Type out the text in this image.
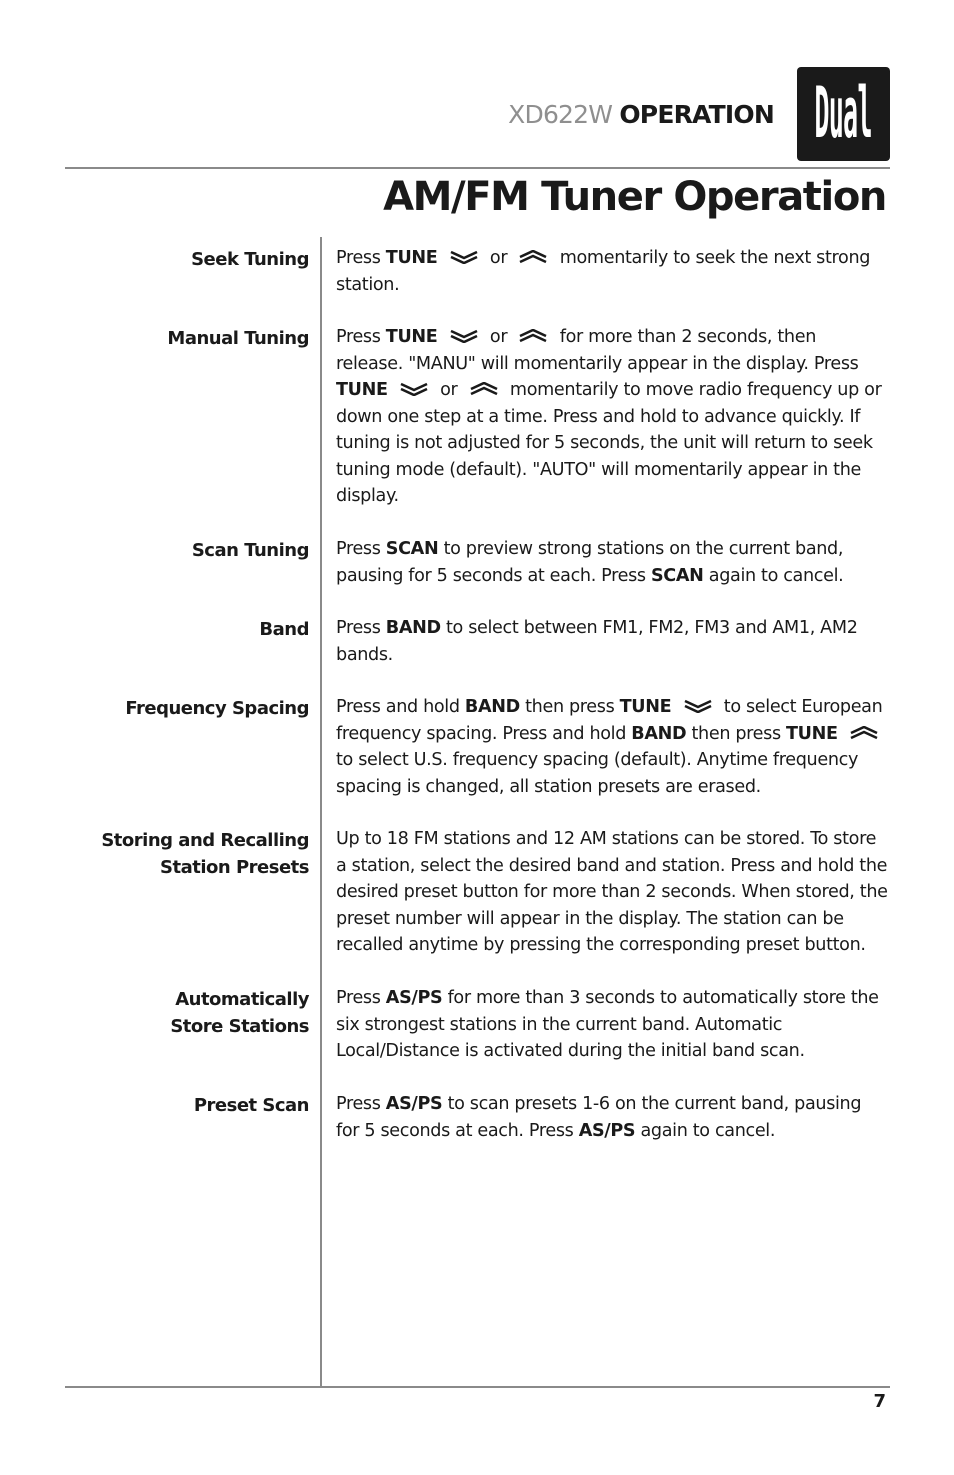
XD622W OPERATION Dual
AM/FM Tuner Operation
Seek Tuning Press TUNE	or
momentarily to seek the next strong station.
Manual Tuning Press TUNE	or
for more than 2 seconds, then release. "MANU" will momentarily appear in the display. Press TUNE	or
momentarily to move radio frequency up or down one step at a time. Press and hold to advance quickly. If tuning is not adjusted for 5 seconds, the unit will return to seek tuning mode (default). "AUTO" will momentarily appear in the display.
Scan Tuning Press SCAN to preview strong stations on the current band, pausing for 5 seconds at each. Press SCAN again to cancel.
Band Press BAND to select between FM1, FM2, FM3 and AM1, AM2 bands.
Frequency Spacing Press and hold BAND then press TUNE	to select European frequency spacing. Press and hold BAND then press TUNE
to select U.S. frequency spacing (default). Anytime frequency spacing is changed, all station presets are erased.
Storing and Recalling
Station Presets
Up to 18 FM stations and 12 AM stations can be stored. To store a station, select the desired band and station. Press and hold the desired preset button for more than 2 seconds. When stored, the preset number will appear in the display. The station can be recalled anytime by pressing the corresponding preset button.
Automatically
Store Stations
Press AS/PS for more than 3 seconds to automatically store the six strongest stations in the current band. Automatic Local/Distance is activated during the initial band scan.
Preset Scan Press AS/PS to scan presets 1-6 on the current band, pausing for 5 seconds at each. Press AS/PS again to cancel.
7
